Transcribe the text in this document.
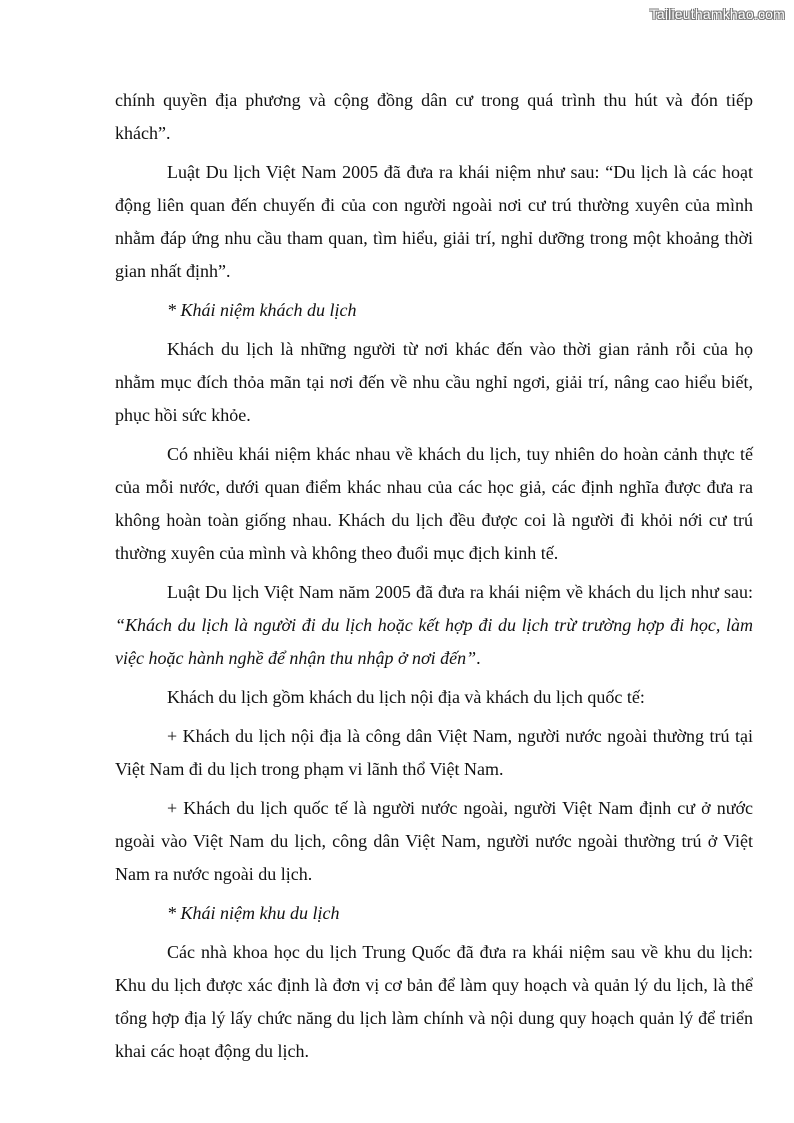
Tailieuthamkhao.com

chính quyền địa phương và cộng đồng dân cư trong quá trình thu hút và đón tiếp khách”.

Luật Du lịch Việt Nam 2005 đã đưa ra khái niệm như sau: “Du lịch là các hoạt động liên quan đến chuyến đi của con người ngoài nơi cư trú thường xuyên của mình nhằm đáp ứng nhu cầu tham quan, tìm hiểu, giải trí, nghỉ dưỡng trong một khoảng thời gian nhất định”.

* Khái niệm khách du lịch

Khách du lịch là những người từ nơi khác đến vào thời gian rảnh rỗi của họ nhằm mục đích thỏa mãn tại nơi đến về nhu cầu nghỉ ngơi, giải trí, nâng cao hiểu biết, phục hồi sức khỏe.

Có nhiều khái niệm khác nhau về khách du lịch, tuy nhiên do hoàn cảnh thực tế của mỗi nước, dưới quan điểm khác nhau của các học giả, các định nghĩa được đưa ra không hoàn toàn giống nhau. Khách du lịch đều được coi là người đi khỏi nới cư trú thường xuyên của mình và không theo đuổi mục địch kinh tế.

Luật Du lịch Việt Nam năm 2005 đã đưa ra khái niệm về khách du lịch như sau: “Khách du lịch là người đi du lịch hoặc kết hợp đi du lịch trừ trường hợp đi học, làm việc hoặc hành nghề để nhận thu nhập ở nơi đến”.

Khách du lịch gồm khách du lịch nội địa và khách du lịch quốc tế:

+ Khách du lịch nội địa là công dân Việt Nam, người nước ngoài thường trú tại Việt Nam đi du lịch trong phạm vi lãnh thổ Việt Nam.

+ Khách du lịch quốc tế là người nước ngoài, người Việt Nam định cư ở nước ngoài vào Việt Nam du lịch, công dân Việt Nam, người nước ngoài thường trú ở Việt Nam ra nước ngoài du lịch.

* Khái niệm khu du lịch

Các nhà khoa học du lịch Trung Quốc đã đưa ra khái niệm sau về khu du lịch: Khu du lịch được xác định là đơn vị cơ bản để làm quy hoạch và quản lý du lịch, là thể tổng hợp địa lý lấy chức năng du lịch làm chính và nội dung quy hoạch quản lý để triển khai các hoạt động du lịch.
